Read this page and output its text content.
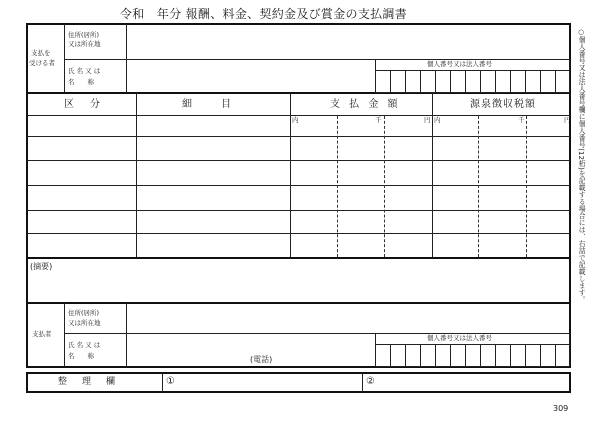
令和　年分 報酬、料金、契約金及び賞金の支払調書
支払を
受ける者
住所(居所)
又は所在地
氏 名 又 は
名　　称
個人番号又は法人番号
区　分	細　　目	支 払 金 額	源泉徴収税額
内	千	円 内	千	円
(摘要)
支払者
住所(居所)
又は所在地
氏 名 又 は
名　　称	(電話)
個人番号又は法人番号
整　理　欄	①	②
○個人番号又は法人番号欄に個人番号(12桁)を記載する場合には、右詰で記載します。
309
